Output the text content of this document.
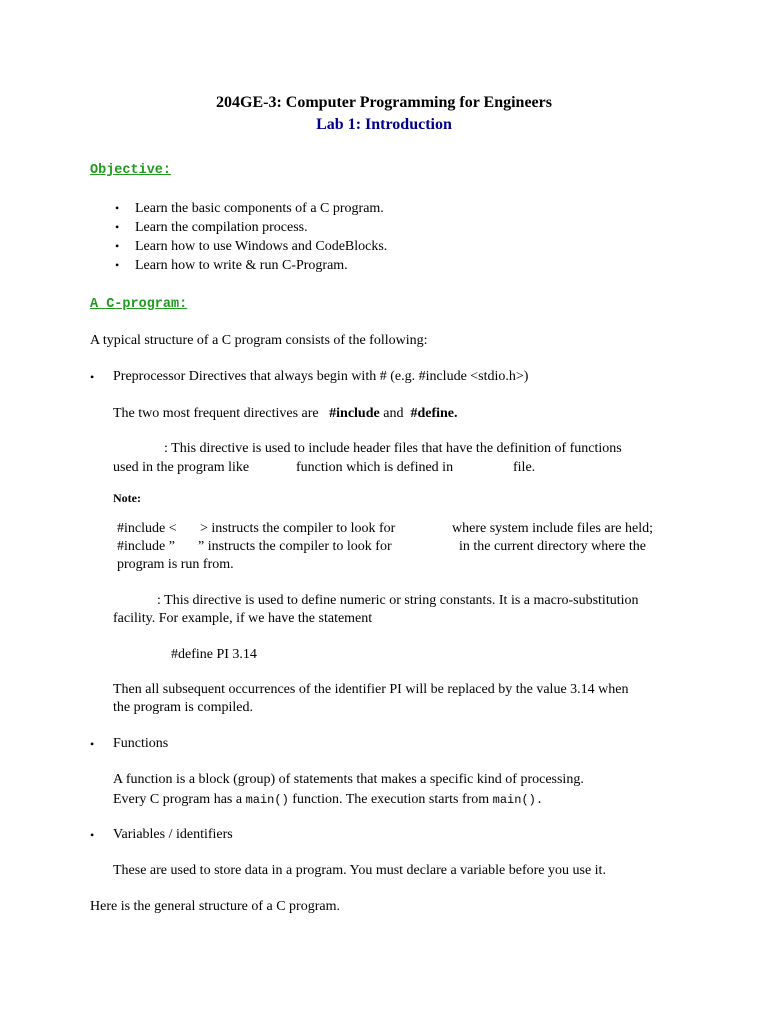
204GE-3: Computer Programming for Engineers
Lab 1: Introduction
Objective:
• Learn the basic components of a C program.
• Learn the compilation process.
• Learn how to use Windows and CodeBlocks.
• Learn how to write & run C-Program.
A C-program:
A typical structure of a C program consists of the following:
• Preprocessor Directives that always begin with # (e.g. #include <stdio.h>)
The two most frequent directives are #include and #define.
: This directive is used to include header files that have the definition of functions
used in the program like	function which is defined in	file.
Note:
#include < > instructs the compiler to look for	where system include files are held;
#include ” ” instructs the compiler to look for	in the current directory where the
program is run from.
: This directive is used to define numeric or string constants. It is a macro-substitution
facility. For example, if we have the statement
#define PI 3.14
Then all subsequent occurrences of the identifier PI will be replaced by the value 3.14 when
the program is compiled.
• Functions
A function is a block (group) of statements that makes a specific kind of processing.
Every C program has a main() function. The execution starts from main().
• Variables / identifiers
These are used to store data in a program. You must declare a variable before you use it.
Here is the general structure of a C program.
